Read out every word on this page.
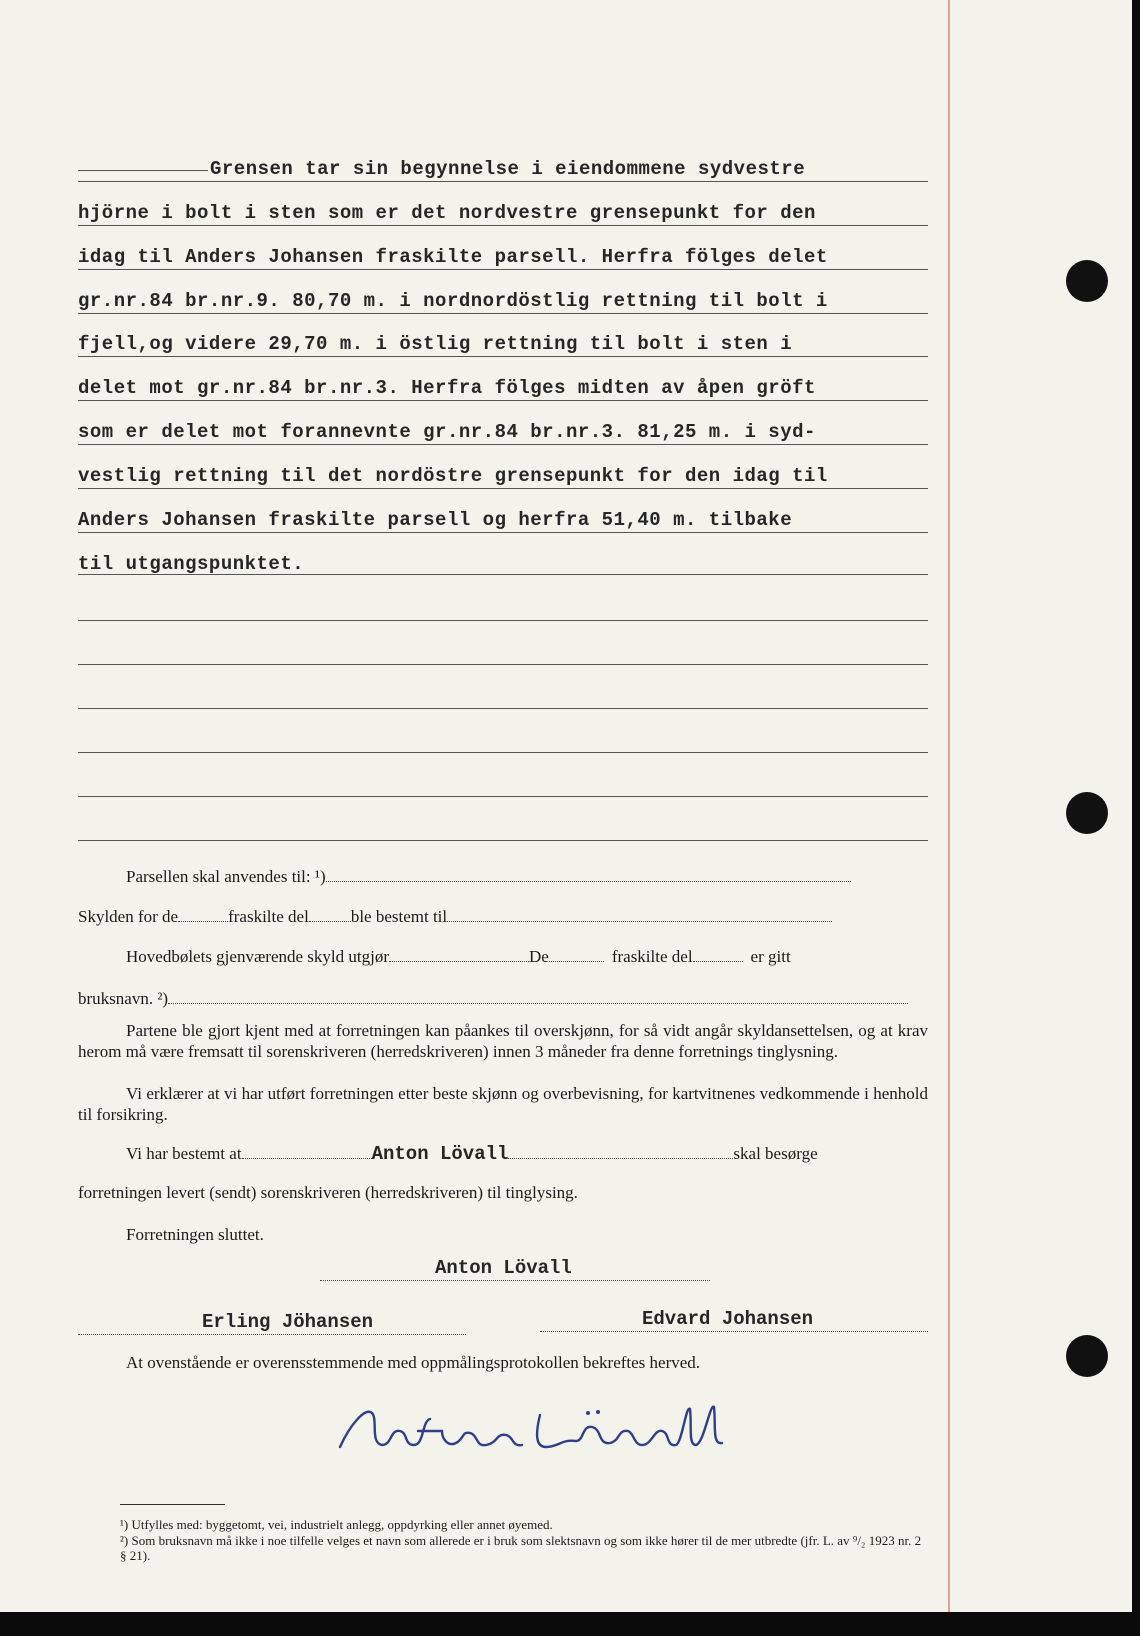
Grensen tar sin begynnelse i eiendommene sydvestre
hjörne i bolt i sten som er det nordvestre grensepunkt for den
idag til Anders Johansen fraskilte parsell. Herfra fölges delet
gr.nr.84 br.nr.9. 80,70 m. i nordnordöstlig rettning til bolt i
fjell,og videre 29,70 m. i östlig rettning til bolt i sten i
delet mot gr.nr.84 br.nr.3. Herfra fölges midten av åpen gröft
som er delet mot forannevnte gr.nr.84 br.nr.3. 81,25 m. i syd-
vestlig rettning til det nordöstre grensepunkt for den idag til
Anders Johansen fraskilte parsell og herfra 51,40 m. tilbake
til utgangspunktet.
Parsellen skal anvendes til: ¹)
Skylden for de	fraskilte del ble bestemt til
Hovedbølets gjenværende skyld utgjør	De	fraskilte del	er gitt
bruksnavn. ²)
Partene ble gjort kjent med at forretningen kan påankes til overskjønn, for så vidt angår skyldansettelsen, og at krav herom må være fremsatt til sorenskriveren (herredskriveren) innen 3 måneder fra denne forretnings tinglysning.
Vi erklærer at vi har utført forretningen etter beste skjønn og overbevisning, for kartvitnenes vedkommende i henhold til forsikring.
Vi har bestemt at	Anton Lövall	skal besørge
forretningen levert (sendt) sorenskriveren (herredskriveren) til tinglysing.
Forretningen sluttet.
Anton Lövall
Erling Jöhansen	Edvard Johansen
At ovenstående er overensstemmende med oppmålingsprotokollen bekreftes herved.
¹) Utfylles med: byggetomt, vei, industrielt anlegg, oppdyrking eller annet øyemed.
²) Som bruksnavn må ikke i noe tilfelle velges et navn som allerede er i bruk som slektsnavn og som ikke hører til de mer utbredte (jfr. L. av ⁹/₂ 1923 nr. 2 § 21).
